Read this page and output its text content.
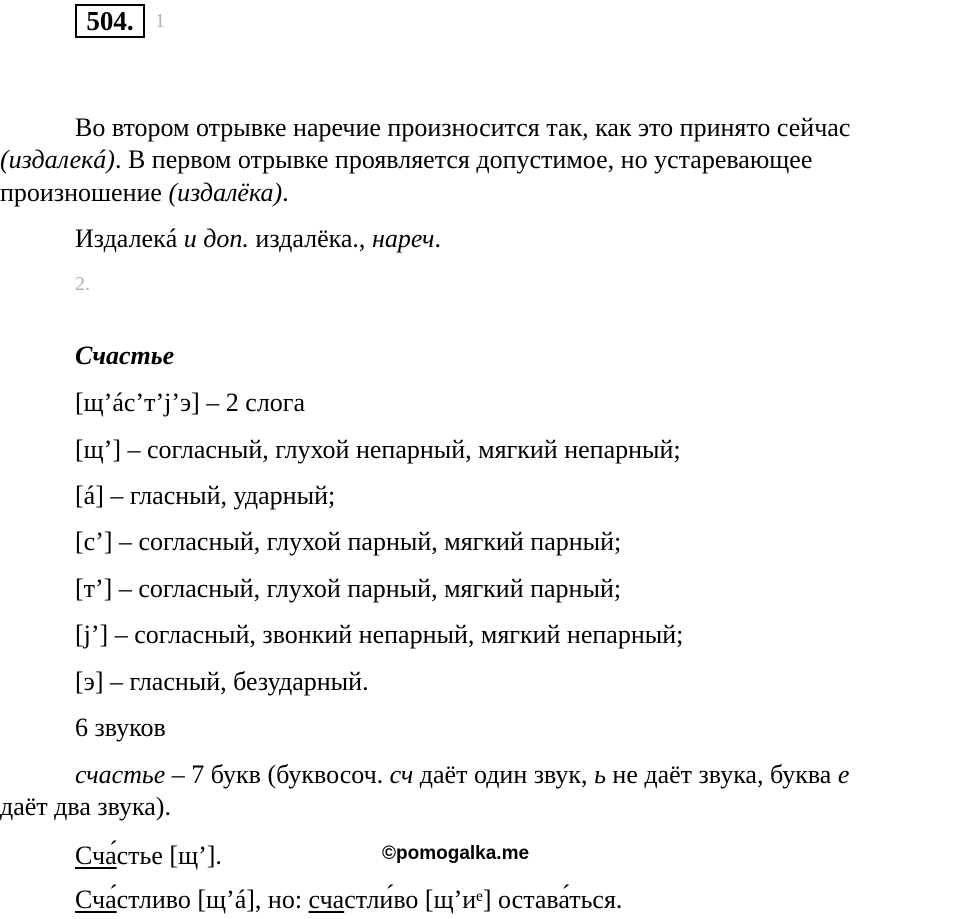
504.	1
Во втором отрывке наречие произносится так, как это принято сейчас
(издалекá). В первом отрывке проявляется допустимое, но устаревающее
произношение (издалёка).
Издалекá и доп. издалёка., нареч.
2.
Счастье
[щ’áс’т’j’э] – 2 слога
[щ’] – согласный, глухой непарный, мягкий непарный;
[á] – гласный, ударный;
[с’] – согласный, глухой парный, мягкий парный;
[т’] – согласный, глухой парный, мягкий парный;
[j’] – согласный, звонкий непарный, мягкий непарный;
[э] – гласный, безударный.
6 звуков
счастье – 7 букв (буквосоч. сч даёт один звук, ь не даёт звука, буква е
даёт два звука).
Сча́стье [щ’].	©pomogalka.me
Сча́стливо [щ’á], но: счастли́во [щ’иᵉ] остава́ться.
